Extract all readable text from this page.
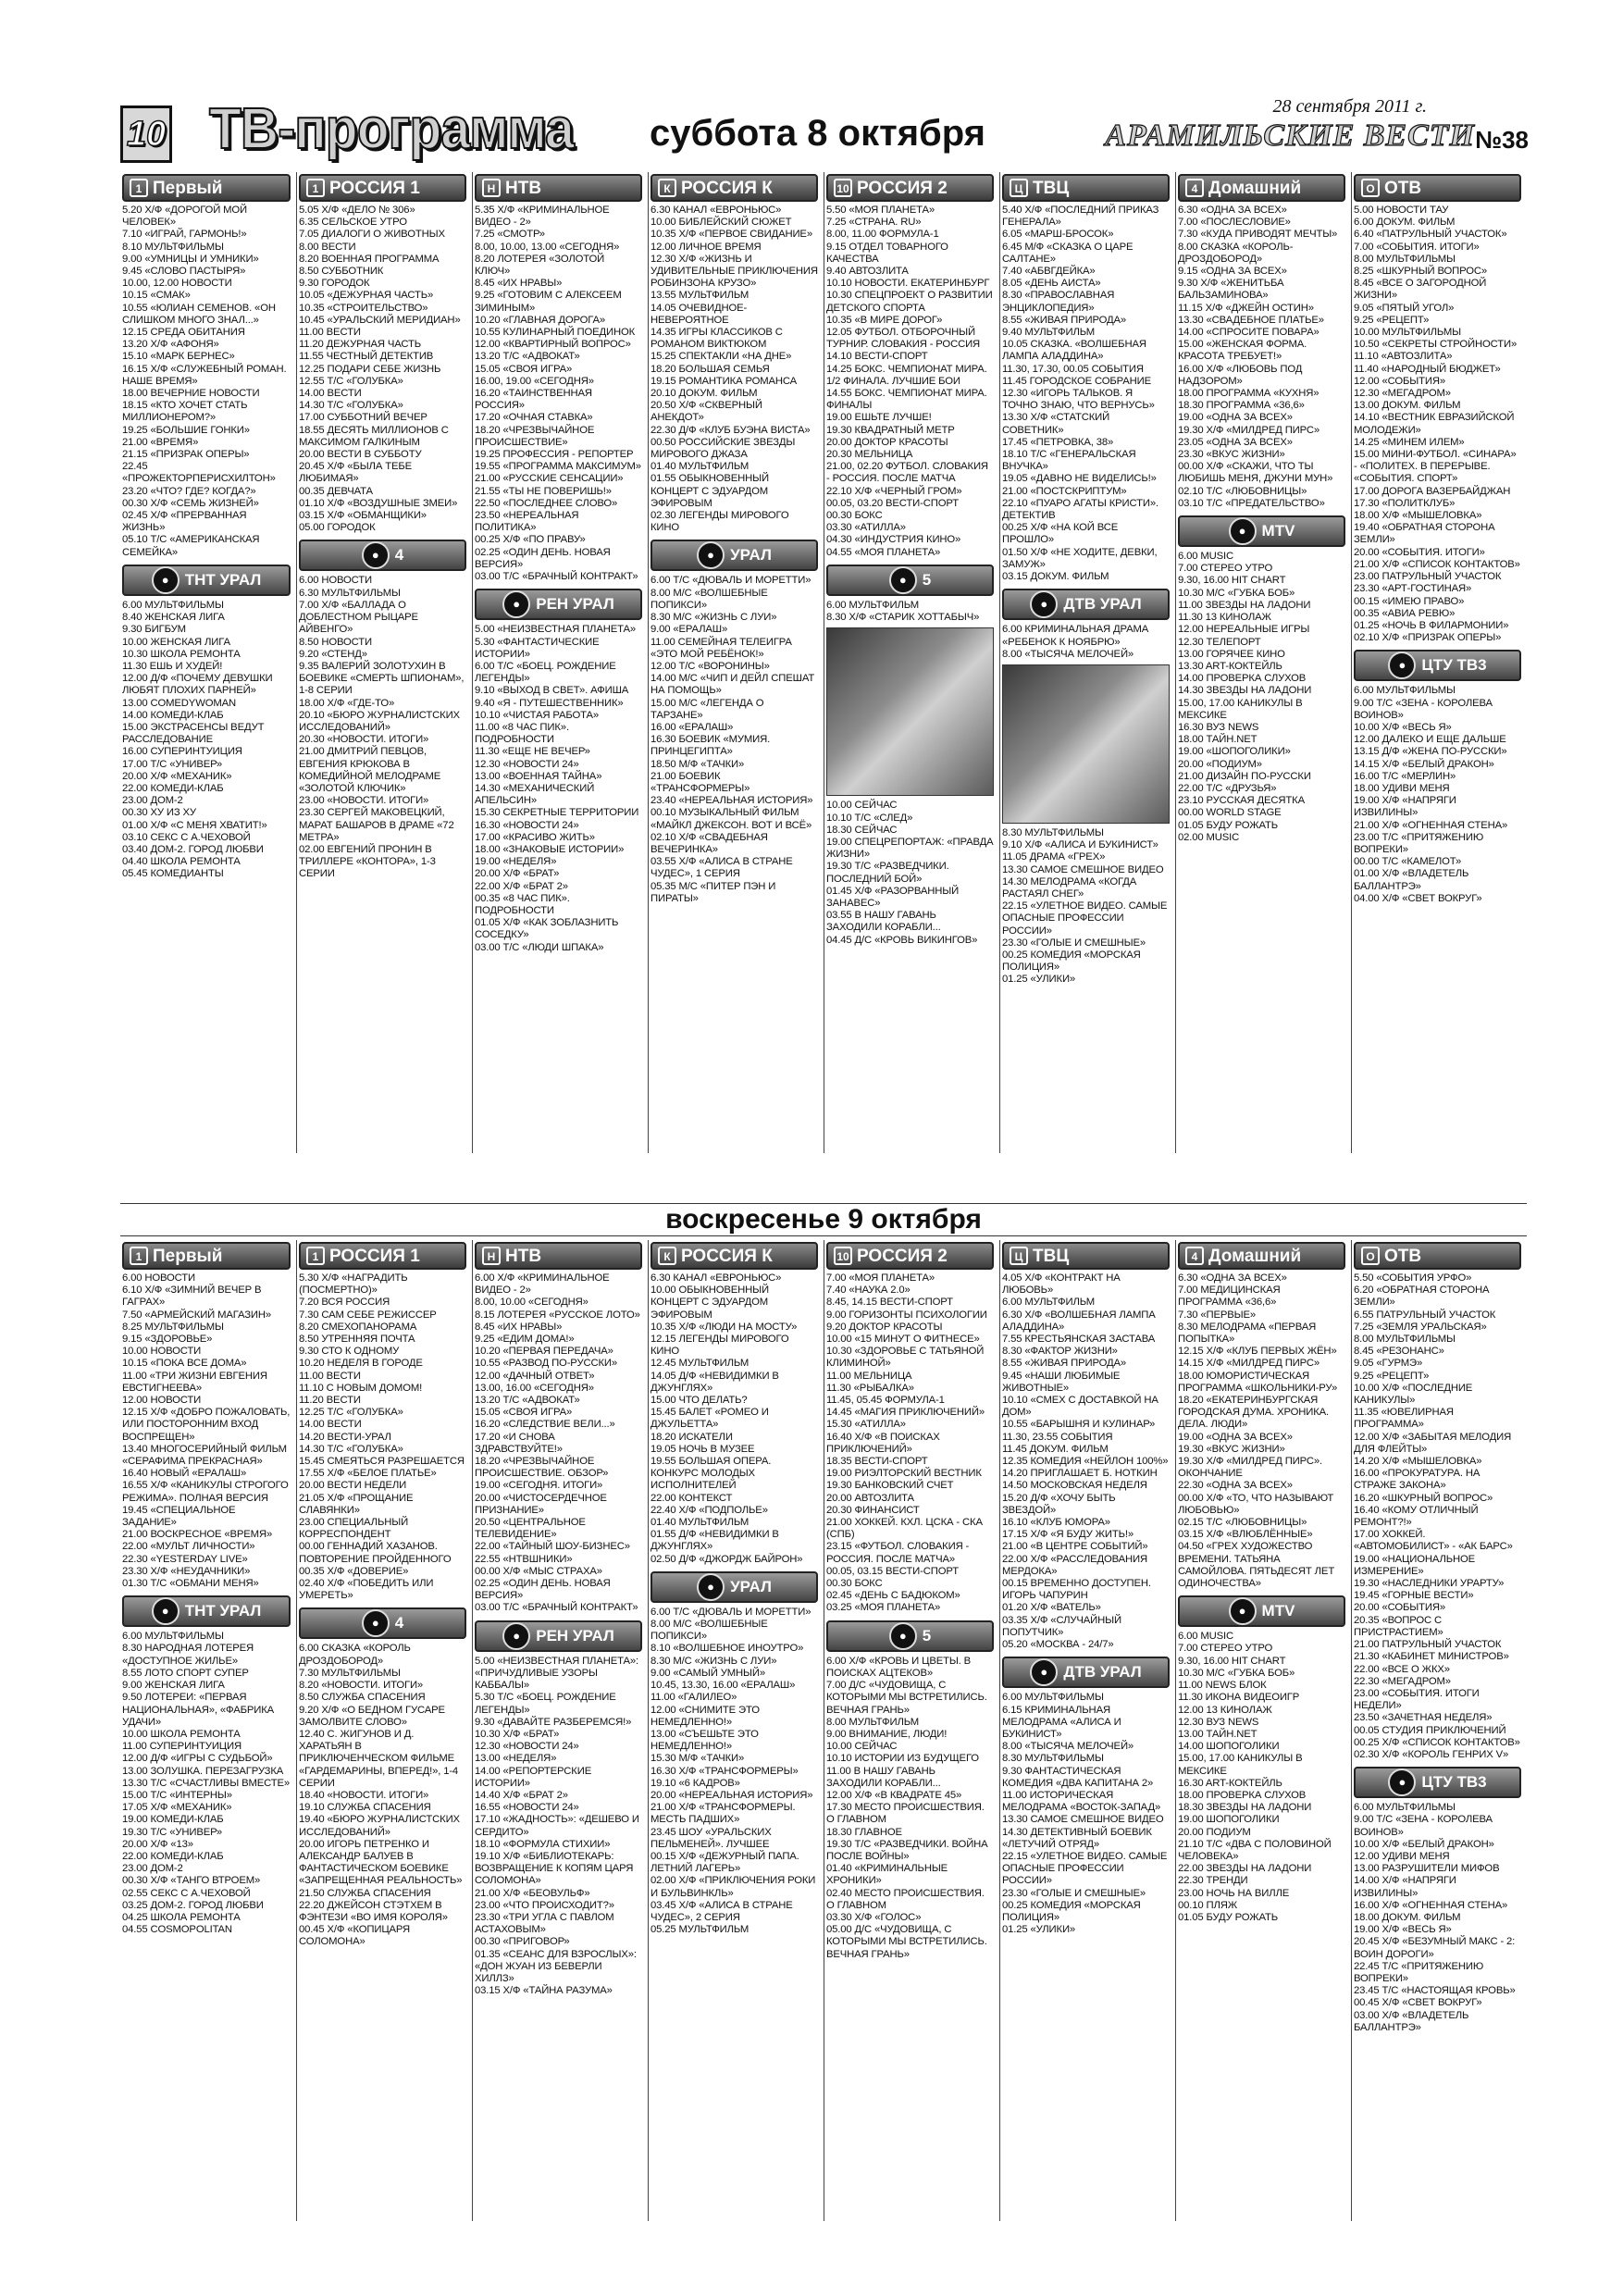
10 ТВ-программа суббота 8 октября
28 сентября 2011 г.
АРАМИЛЬСКИЕ ВЕСТИ №38
1 Первый

5.20 Х/Ф «ДОРОГОЙ МОЙ ЧЕЛОВЕК»

7.10 «ИГРАЙ, ГАРМОНЬ!»

8.10 МУЛЬТФИЛЬМЫ

9.00 «УМНИЦЫ И УМНИКИ»

9.45 «СЛОВО ПАСТЫРЯ»

10.00, 12.00 НОВОСТИ

10.15 «СМАК»

10.55 «ЮЛИАН СЕМЕНОВ. «ОН СЛИШКОМ МНОГО ЗНАЛ...»

12.15 СРЕДА ОБИТАНИЯ

13.20 Х/Ф «АФОНЯ»

15.10 «МАРК БЕРНЕС»

16.15 Х/Ф «СЛУЖЕБНЫЙ РОМАН. НАШЕ ВРЕМЯ»

18.00 ВЕЧЕРНИЕ НОВОСТИ

18.15 «КТО ХОЧЕТ СТАТЬ МИЛЛИОНЕРОМ?»

19.25 «БОЛЬШИЕ ГОНКИ»

21.00 «ВРЕМЯ»

21.15 «ПРИЗРАК ОПЕРЫ»

22.45 «ПРОЖЕКТОРПЕРИСХИЛТОН»

23.20 «ЧТО? ГДЕ? КОГДА?»

00.30 Х/Ф «СЕМЬ ЖИЗНЕЙ»

02.45 Х/Ф «ПРЕРВАННАЯ ЖИЗНЬ»

05.10 Т/С «АМЕРИКАНСКАЯ СЕМЕЙКА»

●	ТНТ УРАЛ

6.00 МУЛЬТФИЛЬМЫ

8.40 ЖЕНСКАЯ ЛИГА

9.30 БИГБУМ

10.00 ЖЕНСКАЯ ЛИГА

10.30 ШКОЛА РЕМОНТА

11.30 ЕШЬ И ХУДЕЙ!

12.00 Д/Ф «ПОЧЕМУ ДЕВУШКИ ЛЮБЯТ ПЛОХИХ ПАРНЕЙ»

13.00 COMEDYWOMAN

14.00 КОМЕДИ-КЛАБ

15.00 ЭКСТРАСЕНСЫ ВЕДУТ РАССЛЕДОВАНИЕ

16.00 СУПЕРИНТУИЦИЯ

17.00 Т/С «УНИВЕР»

20.00 Х/Ф «МЕХАНИК»

22.00 КОМЕДИ-КЛАБ

23.00 ДОМ-2

00.30 ХУ ИЗ ХУ

01.00 Х/Ф «С МЕНЯ ХВАТИТ!»

03.10 СЕКС С А.ЧЕХОВОЙ

03.40 ДОМ-2. ГОРОД ЛЮБВИ

04.40 ШКОЛА РЕМОНТА

05.45 КОМЕДИАНТЫ

1 РОССИЯ 1

5.05 Х/Ф «ДЕЛО № 306»

6.35 СЕЛЬСКОЕ УТРО

7.05 ДИАЛОГИ О ЖИВОТНЫХ

8.00 ВЕСТИ

8.20 ВОЕННАЯ ПРОГРАММА

8.50 СУББОТНИК

9.30 ГОРОДОК

10.05 «ДЕЖУРНАЯ ЧАСТЬ»

10.35 «СТРОИТЕЛЬСТВО»

10.45 «УРАЛЬСКИЙ МЕРИДИАН»

11.00 ВЕСТИ

11.20 ДЕЖУРНАЯ ЧАСТЬ

11.55 ЧЕСТНЫЙ ДЕТЕКТИВ

12.25 ПОДАРИ СЕБЕ ЖИЗНЬ

12.55 Т/С «ГОЛУБКА»

14.00 ВЕСТИ

14.30 Т/С «ГОЛУБКА»

17.00 СУББОТНИЙ ВЕЧЕР

18.55 ДЕСЯТЬ МИЛЛИОНОВ С МАКСИМОМ ГАЛКИНЫМ

20.00 ВЕСТИ В СУББОТУ

20.45 Х/Ф «БЫЛА ТЕБЕ ЛЮБИМАЯ»

00.35 ДЕВЧАТА

01.10 Х/Ф «ВОЗДУШНЫЕ ЗМЕИ»

03.15 Х/Ф «ОБМАНЩИКИ»

05.00 ГОРОДОК

●	4

6.00 НОВОСТИ

6.30 МУЛЬТФИЛЬМЫ

7.00 Х/Ф «БАЛЛАДА О ДОБЛЕСТНОМ РЫЦАРЕ АЙВЕНГО»

8.50 НОВОСТИ

9.20 «СТЕНД»

9.35 ВАЛЕРИЙ ЗОЛОТУХИН В БОЕВИКЕ «СМЕРТЬ ШПИОНАМ», 1-8 СЕРИИ

18.00 Х/Ф «ГДЕ-ТО»

20.10 «БЮРО ЖУРНАЛИСТСКИХ ИССЛЕДОВАНИЙ»

20.30 «НОВОСТИ. ИТОГИ»

21.00 ДМИТРИЙ ПЕВЦОВ, ЕВГЕНИЯ КРЮКОВА В КОМЕДИЙНОЙ МЕЛОДРАМЕ «ЗОЛОТОЙ КЛЮЧИК»

23.00 «НОВОСТИ. ИТОГИ»

23.30 СЕРГЕЙ МАКОВЕЦКИЙ, МАРАТ БАШАРОВ В ДРАМЕ «72 МЕТРА»

02.00 ЕВГЕНИЙ ПРОНИН В ТРИЛЛЕРЕ «КОНТОРА», 1-3 СЕРИИ

Н НТВ

5.35 Х/Ф «КРИМИНАЛЬНОЕ ВИДЕО - 2»

7.25 «СМОТР»

8.00, 10.00, 13.00 «СЕГОДНЯ»

8.20 ЛОТЕРЕЯ «ЗОЛОТОЙ КЛЮЧ»

8.45 «ИХ НРАВЫ»

9.25 «ГОТОВИМ С АЛЕКСЕЕМ ЗИМИНЫМ»

10.20 «ГЛАВНАЯ ДОРОГА»

10.55 КУЛИНАРНЫЙ ПОЕДИНОК

12.00 «КВАРТИРНЫЙ ВОПРОС»

13.20 Т/С «АДВОКАТ»

15.05 «СВОЯ ИГРА»

16.00, 19.00 «СЕГОДНЯ»

16.20 «ТАИНСТВЕННАЯ РОССИЯ»

17.20 «ОЧНАЯ СТАВКА»

18.20 «ЧРЕЗВЫЧАЙНОЕ ПРОИСШЕСТВИЕ»

19.25 ПРОФЕССИЯ - РЕПОРТЕР

19.55 «ПРОГРАММА МАКСИМУМ»

21.00 «РУССКИЕ СЕНСАЦИИ»

21.55 «ТЫ НЕ ПОВЕРИШЬ!»

22.50 «ПОСЛЕДНЕЕ СЛОВО»

23.50 «НЕРЕАЛЬНАЯ ПОЛИТИКА»

00.25 Х/Ф «ПО ПРАВУ»

02.25 «ОДИН ДЕНЬ. НОВАЯ ВЕРСИЯ»

03.00 Т/С «БРАЧНЫЙ КОНТРАКТ»

●	РЕН УРАЛ

5.00 «НЕИЗВЕСТНАЯ ПЛАНЕТА»

5.30 «ФАНТАСТИЧЕСКИЕ ИСТОРИИ»

6.00 Т/С «БОЕЦ. РОЖДЕНИЕ ЛЕГЕНДЫ»

9.10 «ВЫХОД В СВЕТ». АФИША

9.40 «Я - ПУТЕШЕСТВЕННИК»

10.10 «ЧИСТАЯ РАБОТА»

11.00 «8 ЧАС ПИК». ПОДРОБНОСТИ

11.30 «ЕЩЕ НЕ ВЕЧЕР»

12.30 «НОВОСТИ 24»

13.00 «ВОЕННАЯ ТАЙНА»

14.30 «МЕХАНИЧЕСКИЙ АПЕЛЬСИН»

15.30 СЕКРЕТНЫЕ ТЕРРИТОРИИ

16.30 «НОВОСТИ 24»

17.00 «КРАСИВО ЖИТЬ»

18.00 «ЗНАКОВЫЕ ИСТОРИИ»

19.00 «НЕДЕЛЯ»

20.00 Х/Ф «БРАТ»

22.00 Х/Ф «БРАТ 2»

00.35 «8 ЧАС ПИК». ПОДРОБНОСТИ

01.05 Х/Ф «КАК ЗОБЛАЗНИТЬ СОСЕДКУ»

03.00 Т/С «ЛЮДИ ШПАКА»

К РОССИЯ К

6.30 КАНАЛ «ЕВРОНЬЮС»

10.00 БИБЛЕЙСКИЙ СЮЖЕТ

10.35 Х/Ф «ПЕРВОЕ СВИДАНИЕ»

12.00 ЛИЧНОЕ ВРЕМЯ

12.30 Х/Ф «ЖИЗНЬ И УДИВИТЕЛЬНЫЕ ПРИКЛЮЧЕНИЯ РОБИНЗОНА КРУЗО»

13.55 МУЛЬТФИЛЬМ

14.05 ОЧЕВИДНОЕ-НЕВЕРОЯТНОЕ

14.35 ИГРЫ КЛАССИКОВ С РОМАНОМ ВИКТЮКОМ

15.25 СПЕКТАКЛИ «НА ДНЕ»

18.20 БОЛЬШАЯ СЕМЬЯ

19.15 РОМАНТИКА РОМАНСА

20.10 ДОКУМ. ФИЛЬМ

20.50 Х/Ф «СКВЕРНЫЙ АНЕКДОТ»

22.30 Д/Ф «КЛУБ БУЭНА ВИСТА»

00.50 РОССИЙСКИЕ ЗВЕЗДЫ МИРОВОГО ДЖАЗА

01.40 МУЛЬТФИЛЬМ

01.55 ОБЫКНОВЕННЫЙ КОНЦЕРТ С ЭДУАРДОМ ЭФИРОВЫМ

02.30 ЛЕГЕНДЫ МИРОВОГО КИНО

●	УРАЛ

6.00 Т/С «ДЮВАЛЬ И МОРЕТТИ»

8.00 М/С «ВОЛШЕБНЫЕ ПОПИКСИ»

8.30 М/С «ЖИЗНЬ С ЛУИ»

9.00 «ЕРАЛАШ»

11.00 СЕМЕЙНАЯ ТЕЛЕИГРА «ЭТО МОЙ РЕБЁНОК!»

12.00 Т/С «ВОРОНИНЫ»

14.00 М/С «ЧИП И ДЕЙЛ СПЕШАТ НА ПОМОЩЬ»

15.00 М/С «ЛЕГЕНДА О ТАРЗАНЕ»

16.00 «ЕРАЛАШ»

16.30 БОЕВИК «МУМИЯ. ПРИНЦЕГИПТА»

18.50 М/Ф «ТАЧКИ»

21.00 БОЕВИК «ТРАНСФОРМЕРЫ»

23.40 «НЕРЕАЛЬНАЯ ИСТОРИЯ»

00.10 МУЗЫКАЛЬНЫЙ ФИЛЬМ «МАЙКЛ ДЖЕКСОН. ВОТ И ВСЁ»

02.10 Х/Ф «СВАДЕБНАЯ ВЕЧЕРИНКА»

03.55 Х/Ф «АЛИСА В СТРАНЕ ЧУДЕС», 1 СЕРИЯ

05.35 М/С «ПИТЕР ПЭН И ПИРАТЫ»

10 РОССИЯ 2

5.50 «МОЯ ПЛАНЕТА»

7.25 «СТРАНА. RU»

8.00, 11.00 ФОРМУЛА-1

9.15 ОТДЕЛ ТОВАРНОГО КАЧЕСТВА

9.40 АВТОЗЛИТА

10.10 НОВОСТИ. ЕКАТЕРИНБУРГ

10.30 СПЕЦПРОЕКТ О РАЗВИТИИ ДЕТСКОГО СПОРТА

10.35 «В МИРЕ ДОРОГ»

12.05 ФУТБОЛ. ОТБОРОЧНЫЙ ТУРНИР. СЛОВАКИЯ - РОССИЯ

14.10 ВЕСТИ-СПОРТ

14.25 БОКС. ЧЕМПИОНАТ МИРА. 1/2 ФИНАЛА. ЛУЧШИЕ БОИ

14.55 БОКС. ЧЕМПИОНАТ МИРА. ФИНАЛЫ

19.00 ЕШЬТЕ ЛУЧШЕ!

19.30 КВАДРАТНЫЙ МЕТР

20.00 ДОКТОР КРАСОТЫ

20.30 МЕЛЬНИЦА

21.00, 02.20 ФУТБОЛ. СЛОВАКИЯ - РОССИЯ. ПОСЛЕ МАТЧА

22.10 Х/Ф «ЧЕРНЫЙ ГРОМ»

00.05, 03.20 ВЕСТИ-СПОРТ

00.30 БОКС

03.30 «АТИЛЛА»

04.30 «ИНДУСТРИЯ КИНО»

04.55 «МОЯ ПЛАНЕТА»

●	5

6.00 МУЛЬТФИЛЬМ

8.30 Х/Ф «СТАРИК ХОТТАБЫЧ»

10.00 СЕЙЧАС

10.10 Т/С «СЛЕД»

18.30 СЕЙЧАС

19.00 СПЕЦРЕПОРТАЖ: «ПРАВДА ЖИЗНИ»

19.30 Т/С «РАЗВЕДЧИКИ. ПОСЛЕДНИЙ БОЙ»

01.45 Х/Ф «РАЗОРВАННЫЙ ЗАНАВЕС»

03.55 В НАШУ ГАВАНЬ ЗАХОДИЛИ КОРАБЛИ...

04.45 Д/С «КРОВЬ ВИКИНГОВ»

Ц ТВЦ

5.40 Х/Ф «ПОСЛЕДНИЙ ПРИКАЗ ГЕНЕРАЛА»

6.05 «МАРШ-БРОСОК»

6.45 М/Ф «СКАЗКА О ЦАРЕ САЛТАНЕ»

7.40 «АБВГДЕЙКА»

8.05 «ДЕНЬ АИСТА»

8.30 «ПРАВОСЛАВНАЯ ЭНЦИКЛОПЕДИЯ»

8.55 «ЖИВАЯ ПРИРОДА»

9.40 МУЛЬТФИЛЬМ

10.05 СКАЗКА. «ВОЛШЕБНАЯ ЛАМПА АЛАДДИНА»

11.30, 17.30, 00.05 СОБЫТИЯ

11.45 ГОРОДСКОЕ СОБРАНИЕ

12.30 «ИГОРЬ ТАЛЬКОВ. Я ТОЧНО ЗНАЮ, ЧТО ВЕРНУСЬ»

13.30 Х/Ф «СТАТСКИЙ СОВЕТНИК»

17.45 «ПЕТРОВКА, 38»

18.10 Т/С «ГЕНЕРАЛЬСКАЯ ВНУЧКА»

19.05 «ДАВНО НЕ ВИДЕЛИСЬ!»

21.00 «ПОСТСКРИПТУМ»

22.10 «ПУАРО АГАТЫ КРИСТИ». ДЕТЕКТИВ

00.25 Х/Ф «НА КОЙ ВСЕ ПРОШЛО»

01.50 Х/Ф «НЕ ХОДИТЕ, ДЕВКИ, ЗАМУЖ»

03.15 ДОКУМ. ФИЛЬМ

●	ДТВ УРАЛ

6.00 КРИМИНАЛЬНАЯ ДРАМА «РЕБЕНОК К НОЯБРЮ»

8.00 «ТЫСЯЧА МЕЛОЧЕЙ»

8.30 МУЛЬТФИЛЬМЫ

9.10 Х/Ф «АЛИСА И БУКИНИСТ»

11.05 ДРАМА «ГРЕХ»

13.30 САМОЕ СМЕШНОЕ ВИДЕО

14.30 МЕЛОДРАМА «КОГДА РАСТАЯЛ СНЕГ»

22.15 «УЛЕТНОЕ ВИДЕО. САМЫЕ ОПАСНЫЕ ПРОФЕССИИ РОССИИ»

23.30 «ГОЛЫЕ И СМЕШНЫЕ»

00.25 КОМЕДИЯ «МОРСКАЯ ПОЛИЦИЯ»

01.25 «УЛИКИ»

4 Домашний

6.30 «ОДНА ЗА ВСЕХ»

7.00 «ПОСЛЕСЛОВИЕ»

7.30 «КУДА ПРИВОДЯТ МЕЧТЫ»

8.00 СКАЗКА «КОРОЛЬ-ДРОЗДОБОРОД»

9.15 «ОДНА ЗА ВСЕХ»

9.30 Х/Ф «ЖЕНИТЬБА БАЛЬЗАМИНОВА»

11.15 Х/Ф «ДЖЕЙН ОСТИН»

13.30 «СВАДЕБНОЕ ПЛАТЬЕ»

14.00 «СПРОСИТЕ ПОВАРА»

15.00 «ЖЕНСКАЯ ФОРМА. КРАСОТА ТРЕБУЕТ!»

16.00 Х/Ф «ЛЮБОВЬ ПОД НАДЗОРОМ»

18.00 ПРОГРАММА «КУХНЯ»

18.30 ПРОГРАММА «36,6»

19.00 «ОДНА ЗА ВСЕХ»

19.30 Х/Ф «МИЛДРЕД ПИРС»

23.05 «ОДНА ЗА ВСЕХ»

23.30 «ВКУС ЖИЗНИ»

00.00 Х/Ф «СКАЖИ, ЧТО ТЫ ЛЮБИШЬ МЕНЯ, ДЖУНИ МУН»

02.10 Т/С «ЛЮБОВНИЦЫ»

03.10 Т/С «ПРЕДАТЕЛЬСТВО»

●	MTV

6.00 MUSIC

7.00 СТЕРЕО УТРО

9.30, 16.00 HIT CHART

10.30 М/С «ГУБКА БОБ»

11.00 ЗВЕЗДЫ НА ЛАДОНИ

11.30 13 КИНОЛАЖ

12.00 НЕРЕАЛЬНЫЕ ИГРЫ

12.30 ТЕЛЕПОРТ

13.00 ГОРЯЧЕЕ КИНО

13.30 ART-КОКТЕЙЛЬ

14.00 ПРОВЕРКА СЛУХОВ

14.30 ЗВЕЗДЫ НА ЛАДОНИ

15.00, 17.00 КАНИКУЛЫ В МЕКСИКЕ

16.30 ВУЗ NEWS

18.00 ТАЙН.NET

19.00 «ШОПОГОЛИКИ»

20.00 «ПОДИУМ»

21.00 ДИЗАЙН ПО-РУССКИ

22.00 Т/С «ДРУЗЬЯ»

23.10 РУССКАЯ ДЕСЯТКА

00.00 WORLD STAGE

01.05 БУДУ РОЖАТЬ

02.00 MUSIC

О ОТВ

5.00 НОВОСТИ ТАУ

6.00 ДОКУМ. ФИЛЬМ

6.40 «ПАТРУЛЬНЫЙ УЧАСТОК»

7.00 «СОБЫТИЯ. ИТОГИ»

8.00 МУЛЬТФИЛЬМЫ

8.25 «ШКУРНЫЙ ВОПРОС»

8.45 «ВСЕ О ЗАГОРОДНОЙ ЖИЗНИ»

9.05 «ПЯТЫЙ УГОЛ»

9.25 «РЕЦЕПТ»

10.00 МУЛЬТФИЛЬМЫ

10.50 «СЕКРЕТЫ СТРОЙНОСТИ»

11.10 «АВТОЗЛИТА»

11.40 «НАРОДНЫЙ БЮДЖЕТ»

12.00 «СОБЫТИЯ»

12.30 «МЕГАДРОМ»

13.00 ДОКУМ. ФИЛЬМ

14.10 «ВЕСТНИК ЕВРАЗИЙСКОЙ МОЛОДЕЖИ»

14.25 «МИНЕМ ИЛЕМ»

15.00 МИНИ-ФУТБОЛ. «СИНАРА» - «ПОЛИТЕХ. В ПЕРЕРЫВЕ. «СОБЫТИЯ. СПОРТ»

17.00 ДОРОГА ВАЗЕРБАЙДЖАН

17.30 «ПОЛИТКЛУБ»

18.00 Х/Ф «МЫШЕЛОВКА»

19.40 «ОБРАТНАЯ СТОРОНА ЗЕМЛИ»

20.00 «СОБЫТИЯ. ИТОГИ»

21.00 Х/Ф «СПИСОК КОНТАКТОВ»

23.00 ПАТРУЛЬНЫЙ УЧАСТОК

23.30 «АРТ-ГОСТИНАЯ»

00.15 «ИМЕЮ ПРАВО»

00.35 «АВИА РЕВЮ»

01.25 «НОЧЬ В ФИЛАРМОНИИ»

02.10 Х/Ф «ПРИЗРАК ОПЕРЫ»

●	ЦТУ ТВ3

6.00 МУЛЬТФИЛЬМЫ

9.00 Т/С «ЗЕНА - КОРОЛЕВА ВОИНОВ»

10.00 Х/Ф «ВЕСЬ Я»

12.00 ДАЛЕКО И ЕЩЕ ДАЛЬШЕ

13.15 Д/Ф «ЖЕНА ПО-РУССКИ»

14.15 Х/Ф «БЕЛЫЙ ДРАКОН»

16.00 Т/С «МЕРЛИН»

18.00 УДИВИ МЕНЯ

19.00 Х/Ф «НАПРЯГИ ИЗВИЛИНЫ»

21.00 Х/Ф «ОГНЕННАЯ СТЕНА»

23.00 Т/С «ПРИТЯЖЕНИЮ ВОПРЕКИ»

00.00 Т/С «КАМЕЛОТ»

01.00 Х/Ф «ВЛАДЕТЕЛЬ БАЛЛАНТРЭ»

04.00 Х/Ф «СВЕТ ВОКРУГ»

воскресенье 9 октября
1 Первый

6.00 НОВОСТИ

6.10 Х/Ф «ЗИМНИЙ ВЕЧЕР В ГАГРАХ»

7.50 «АРМЕЙСКИЙ МАГАЗИН»

8.25 МУЛЬТФИЛЬМЫ

9.15 «ЗДОРОВЬЕ»

10.00 НОВОСТИ

10.15 «ПОКА ВСЕ ДОМА»

11.00 «ТРИ ЖИЗНИ ЕВГЕНИЯ ЕВСТИГНЕЕВА»

12.00 НОВОСТИ

12.15 Х/Ф «ДОБРО ПОЖАЛОВАТЬ, ИЛИ ПОСТОРОННИМ ВХОД ВОСПРЕЩЕН»

13.40 МНОГОСЕРИЙНЫЙ ФИЛЬМ «СЕРАФИМА ПРЕКРАСНАЯ»

16.40 НОВЫЙ «ЕРАЛАШ»

16.55 Х/Ф «КАНИКУЛЫ СТРОГОГО РЕЖИМА». ПОЛНАЯ ВЕРСИЯ

19.45 «СПЕЦИАЛЬНОЕ ЗАДАНИЕ»

21.00 ВОСКРЕСНОЕ «ВРЕМЯ»

22.00 «МУЛЬТ ЛИЧНОСТИ»

22.30 «YESTERDAY LIVE»

23.30 Х/Ф «НЕУДАЧНИКИ»

01.30 Т/С «ОБМАНИ МЕНЯ»

●	ТНТ УРАЛ

6.00 МУЛЬТФИЛЬМЫ

8.30 НАРОДНАЯ ЛОТЕРЕЯ «ДОСТУПНОЕ ЖИЛЬЕ»

8.55 ЛОТО СПОРТ СУПЕР

9.00 ЖЕНСКАЯ ЛИГА

9.50 ЛОТЕРЕИ: «ПЕРВАЯ НАЦИОНАЛЬНАЯ», «ФАБРИКА УДАЧИ»

10.00 ШКОЛА РЕМОНТА

11.00 СУПЕРИНТУИЦИЯ

12.00 Д/Ф «ИГРЫ С СУДЬБОЙ»

13.00 ЗОЛУШКА. ПЕРЕЗАГРУЗКА

13.30 Т/С «СЧАСТЛИВЫ ВМЕСТЕ»

15.00 Т/С «ИНТЕРНЫ»

17.05 Х/Ф «МЕХАНИК»

19.00 КОМЕДИ-КЛАБ

19.30 Т/С «УНИВЕР»

20.00 Х/Ф «13»

22.00 КОМЕДИ-КЛАБ

23.00 ДОМ-2

00.30 Х/Ф «ТАНГО ВТРОЕМ»

02.55 СЕКС С А.ЧЕХОВОЙ

03.25 ДОМ-2. ГОРОД ЛЮБВИ

04.25 ШКОЛА РЕМОНТА

04.55 COSMOPOLITAN

1 РОССИЯ 1

5.30 Х/Ф «НАГРАДИТЬ (ПОСМЕРТНО)»

7.20 ВСЯ РОССИЯ

7.30 САМ СЕБЕ РЕЖИССЕР

8.20 СМЕХОПАНОРАМА

8.50 УТРЕННЯЯ ПОЧТА

9.30 СТО К ОДНОМУ

10.20 НЕДЕЛЯ В ГОРОДЕ

11.00 ВЕСТИ

11.10 С НОВЫМ ДОМОМ!

11.20 ВЕСТИ

12.25 Т/С «ГОЛУБКА»

14.00 ВЕСТИ

14.20 ВЕСТИ-УРАЛ

14.30 Т/С «ГОЛУБКА»

15.45 СМЕЯТЬСЯ РАЗРЕШАЕТСЯ

17.55 Х/Ф «БЕЛОЕ ПЛАТЬЕ»

20.00 ВЕСТИ НЕДЕЛИ

21.05 Х/Ф «ПРОЩАНИЕ СЛАВЯНКИ»

23.00 СПЕЦИАЛЬНЫЙ КОРРЕСПОНДЕНТ

00.00 ГЕННАДИЙ ХАЗАНОВ. ПОВТОРЕНИЕ ПРОЙДЕННОГО

00.35 Х/Ф «ДОВЕРИЕ»

02.40 Х/Ф «ПОБЕДИТЬ ИЛИ УМЕРЕТЬ»

●	4

6.00 СКАЗКА «КОРОЛЬ ДРОЗДОБОРОД»

7.30 МУЛЬТФИЛЬМЫ

8.20 «НОВОСТИ. ИТОГИ»

8.50 СЛУЖБА СПАСЕНИЯ

9.20 Х/Ф «О БЕДНОМ ГУСАРЕ ЗАМОЛВИТЕ СЛОВО»

12.40 С. ЖИГУНОВ И Д. ХАРАТЬЯН В ПРИКЛЮЧЕНЧЕСКОМ ФИЛЬМЕ «ГАРДЕМАРИНЫ, ВПЕРЕД!», 1-4 СЕРИИ

18.40 «НОВОСТИ. ИТОГИ»

19.10 СЛУЖБА СПАСЕНИЯ

19.40 «БЮРО ЖУРНАЛИСТСКИХ ИССЛЕДОВАНИЙ»

20.00 ИГОРЬ ПЕТРЕНКО И АЛЕКСАНДР БАЛУЕВ В ФАНТАСТИЧЕСКОМ БОЕВИКЕ «ЗАПРЕЩЕННАЯ РЕАЛЬНОСТЬ»

21.50 СЛУЖБА СПАСЕНИЯ

22.20 ДЖЕЙСОН СТЭТХЕМ В ФЭНТЕЗИ «ВО ИМЯ КОРОЛЯ»

00.45 Х/Ф «КОПИЦАРЯ СОЛОМОНА»

Н НТВ

6.00 Х/Ф «КРИМИНАЛЬНОЕ ВИДЕО - 2»

8.00, 10.00 «СЕГОДНЯ»

8.15 ЛОТЕРЕЯ «РУССКОЕ ЛОТО»

8.45 «ИХ НРАВЫ»

9.25 «ЕДИМ ДОМА!»

10.20 «ПЕРВАЯ ПЕРЕДАЧА»

10.55 «РАЗВОД ПО-РУССКИ»

12.00 «ДАЧНЫЙ ОТВЕТ»

13.00, 16.00 «СЕГОДНЯ»

13.20 Т/С «АДВОКАТ»

15.05 «СВОЯ ИГРА»

16.20 «СЛЕДСТВИЕ ВЕЛИ...»

17.20 «И СНОВА ЗДРАВСТВУЙТЕ!»

18.20 «ЧРЕЗВЫЧАЙНОЕ ПРОИСШЕСТВИЕ. ОБЗОР»

19.00 «СЕГОДНЯ. ИТОГИ»

20.00 «ЧИСТОСЕРДЕЧНОЕ ПРИЗНАНИЕ»

20.50 «ЦЕНТРАЛЬНОЕ ТЕЛЕВИДЕНИЕ»

22.00 «ТАЙНЫЙ ШОУ-БИЗНЕС»

22.55 «НТВШНИКИ»

00.00 Х/Ф «МЫС СТРАХА»

02.25 «ОДИН ДЕНЬ. НОВАЯ ВЕРСИЯ»

03.00 Т/С «БРАЧНЫЙ КОНТРАКТ»

●	РЕН УРАЛ

5.00 «НЕИЗВЕСТНАЯ ПЛАНЕТА»: «ПРИЧУДЛИВЫЕ УЗОРЫ КАББАЛЫ»

5.30 Т/С «БОЕЦ. РОЖДЕНИЕ ЛЕГЕНДЫ»

9.30 «ДАВАЙТЕ РАЗБЕРЕМСЯ!»

10.30 Х/Ф «БРАТ»

12.30 «НОВОСТИ 24»

13.00 «НЕДЕЛЯ»

14.00 «РЕПОРТЕРСКИЕ ИСТОРИИ»

14.40 Х/Ф «БРАТ 2»

16.55 «НОВОСТИ 24»

17.10 «ЖАДНОСТЬ»: «ДЕШЕВО И СЕРДИТО»

18.10 «ФОРМУЛА СТИХИИ»

19.10 Х/Ф «БИБЛИОТЕКАРЬ: ВОЗВРАЩЕНИЕ К КОПЯМ ЦАРЯ СОЛОМОНА»

21.00 Х/Ф «БЕОВУЛЬФ»

23.00 «ЧТО ПРОИСХОДИТ?»

23.30 «ТРИ УГЛА С ПАВЛОМ АСТАХОВЫМ»

00.30 «ПРИГОВОР»

01.35 «СЕАНС ДЛЯ ВЗРОСЛЫХ»: «ДОН ЖУАН ИЗ БЕВЕРЛИ ХИЛЛЗ»

03.15 Х/Ф «ТАЙНА РАЗУМА»

К РОССИЯ К

6.30 КАНАЛ «ЕВРОНЬЮС»

10.00 ОБЫКНОВЕННЫЙ КОНЦЕРТ С ЭДУАРДОМ ЭФИРОВЫМ

10.35 Х/Ф «ЛЮДИ НА МОСТУ»

12.15 ЛЕГЕНДЫ МИРОВОГО КИНО

12.45 МУЛЬТФИЛЬМ

14.05 Д/Ф «НЕВИДИМКИ В ДЖУНГЛЯХ»

15.00 ЧТО ДЕЛАТЬ?

15.45 БАЛЕТ «РОМЕО И ДЖУЛЬЕТТА»

18.20 ИСКАТЕЛИ

19.05 НОЧЬ В МУЗЕЕ

19.55 БОЛЬШАЯ ОПЕРА. КОНКУРС МОЛОДЫХ ИСПОЛНИТЕЛЕЙ

22.00 КОНТЕКСТ

22.40 Х/Ф «ПОДПОЛЬЕ»

01.40 МУЛЬТФИЛЬМ

01.55 Д/Ф «НЕВИДИМКИ В ДЖУНГЛЯХ»

02.50 Д/Ф «ДЖОРДЖ БАЙРОН»

●	УРАЛ

6.00 Т/С «ДЮВАЛЬ И МОРЕТТИ»

8.00 М/С «ВОЛШЕБНЫЕ ПОПИКСИ»

8.10 «ВОЛШЕБНОЕ ИНОУТРО»

8.30 М/С «ЖИЗНЬ С ЛУИ»

9.00 «САМЫЙ УМНЫЙ»

10.45, 13.30, 16.00 «ЕРАЛАШ»

11.00 «ГАЛИЛЕО»

12.00 «СНИМИТЕ ЭТО НЕМЕДЛЕННО!»

13.00 «СЪЕШЬТЕ ЭТО НЕМЕДЛЕННО!»

15.30 М/Ф «ТАЧКИ»

16.30 Х/Ф «ТРАНСФОРМЕРЫ»

19.10 «6 КАДРОВ»

20.00 «НЕРЕАЛЬНАЯ ИСТОРИЯ»

21.00 Х/Ф «ТРАНСФОРМЕРЫ. МЕСТЬ ПАДШИХ»

23.45 ШОУ «УРАЛЬСКИХ ПЕЛЬМЕНЕЙ». ЛУЧШЕЕ

00.15 Х/Ф «ДЕЖУРНЫЙ ПАПА. ЛЕТНИЙ ЛАГЕРЬ»

02.00 Х/Ф «ПРИКЛЮЧЕНИЯ РОКИ И БУЛЬВИНКЛЬ»

03.45 Х/Ф «АЛИСА В СТРАНЕ ЧУДЕС», 2 СЕРИЯ

05.25 МУЛЬТФИЛЬМ

10 РОССИЯ 2

7.00 «МОЯ ПЛАНЕТА»

7.40 «НАУКА 2.0»

8.45, 14.15 ВЕСТИ-СПОРТ

9.00 ГОРИЗОНТЫ ПСИХОЛОГИИ

9.20 ДОКТОР КРАСОТЫ

10.00 «15 МИНУТ О ФИТНЕСЕ»

10.30 «ЗДОРОВЬЕ С ТАТЬЯНОЙ КЛИМИНОЙ»

11.00 МЕЛЬНИЦА

11.30 «РЫБАЛКА»

11.45, 05.45 ФОРМУЛА-1

14.45 «МАГИЯ ПРИКЛЮЧЕНИЙ»

15.30 «АТИЛЛА»

16.40 Х/Ф «В ПОИСКАХ ПРИКЛЮЧЕНИЙ»

18.35 ВЕСТИ-СПОРТ

19.00 РИЭЛТОРСКИЙ ВЕСТНИК

19.30 БАНКОВСКИЙ СЧЕТ

20.00 АВТОЗЛИТА

20.30 ФИНАНСИСТ

21.00 ХОККЕЙ. КХЛ. ЦСКА - СКА (СПБ)

23.15 «ФУТБОЛ. СЛОВАКИЯ - РОССИЯ. ПОСЛЕ МАТЧА»

00.05, 03.15 ВЕСТИ-СПОРТ

00.30 БОКС

02.45 «ДЕНЬ С БАДЮКОМ»

03.25 «МОЯ ПЛАНЕТА»

●	5

6.00 Х/Ф «КРОВЬ И ЦВЕТЫ. В ПОИСКАХ АЦТЕКОВ»

7.00 Д/С «ЧУДОВИЩА, С КОТОРЫМИ МЫ ВСТРЕТИЛИСЬ. ВЕЧНАЯ ГРАНЬ»

8.00 МУЛЬТФИЛЬМ

9.00 ВНИМАНИЕ, ЛЮДИ!

10.00 СЕЙЧАС

10.10 ИСТОРИИ ИЗ БУДУЩЕГО

11.00 В НАШУ ГАВАНЬ ЗАХОДИЛИ КОРАБЛИ...

12.00 Х/Ф «В КВАДРАТЕ 45»

17.30 МЕСТО ПРОИСШЕСТВИЯ. О ГЛАВНОМ

18.30 ГЛАВНОЕ

19.30 Т/С «РАЗВЕДЧИКИ. ВОЙНА ПОСЛЕ ВОЙНЫ»

01.40 «КРИМИНАЛЬНЫЕ ХРОНИКИ»

02.40 МЕСТО ПРОИСШЕСТВИЯ. О ГЛАВНОМ

03.30 Х/Ф «ГОЛОС»

05.00 Д/С «ЧУДОВИЩА, С КОТОРЫМИ МЫ ВСТРЕТИЛИСЬ. ВЕЧНАЯ ГРАНЬ»

Ц ТВЦ

4.05 Х/Ф «КОНТРАКТ НА ЛЮБОВЬ»

6.00 МУЛЬТФИЛЬМ

6.30 Х/Ф «ВОЛШЕБНАЯ ЛАМПА АЛАДДИНА»

7.55 КРЕСТЬЯНСКАЯ ЗАСТАВА

8.30 «ФАКТОР ЖИЗНИ»

8.55 «ЖИВАЯ ПРИРОДА»

9.45 «НАШИ ЛЮБИМЫЕ ЖИВОТНЫЕ»

10.10 «СМЕХ С ДОСТАВКОЙ НА ДОМ»

10.55 «БАРЫШНЯ И КУЛИНАР»

11.30, 23.55 СОБЫТИЯ

11.45 ДОКУМ. ФИЛЬМ

12.35 КОМЕДИЯ «НЕЙЛОН 100%»

14.20 ПРИГЛАШАЕТ Б. НОТКИН

14.50 МОСКОВСКАЯ НЕДЕЛЯ

15.20 Д/Ф «ХОЧУ БЫТЬ ЗВЕЗДОЙ»

16.10 «КЛУБ ЮМОРА»

17.15 Х/Ф «Я БУДУ ЖИТЬ!»

21.00 «В ЦЕНТРЕ СОБЫТИЙ»

22.00 Х/Ф «РАССЛЕДОВАНИЯ МЕРДОКА»

00.15 ВРЕМЕННО ДОСТУПЕН. ИГОРЬ ЧАПУРИН

01.20 Х/Ф «ВАТЕЛЬ»

03.35 Х/Ф «СЛУЧАЙНЫЙ ПОПУТЧИК»

05.20 «МОСКВА - 24/7»

●	ДТВ УРАЛ

6.00 МУЛЬТФИЛЬМЫ

6.15 КРИМИНАЛЬНАЯ МЕЛОДРАМА «АЛИСА И БУКИНИСТ»

8.00 «ТЫСЯЧА МЕЛОЧЕЙ»

8.30 МУЛЬТФИЛЬМЫ

9.30 ФАНТАСТИЧЕСКАЯ КОМЕДИЯ «ДВА КАПИТАНА 2»

11.00 ИСТОРИЧЕСКАЯ МЕЛОДРАМА «ВОСТОК-ЗАПАД»

13.30 САМОЕ СМЕШНОЕ ВИДЕО

14.30 ДЕТЕКТИВНЫЙ БОЕВИК «ЛЕТУЧИЙ ОТРЯД»

22.15 «УЛЕТНОЕ ВИДЕО. САМЫЕ ОПАСНЫЕ ПРОФЕССИИ РОССИИ»

23.30 «ГОЛЫЕ И СМЕШНЫЕ»

00.25 КОМЕДИЯ «МОРСКАЯ ПОЛИЦИЯ»

01.25 «УЛИКИ»

4 Домашний

6.30 «ОДНА ЗА ВСЕХ»

7.00 МЕДИЦИНСКАЯ ПРОГРАММА «36,6»

7.30 «ПЕРВЫЕ»

8.30 МЕЛОДРАМА «ПЕРВАЯ ПОПЫТКА»

12.15 Х/Ф «КЛУБ ПЕРВЫХ ЖЁН»

14.15 Х/Ф «МИЛДРЕД ПИРС»

18.00 ЮМОРИСТИЧЕСКАЯ ПРОГРАММА «ШКОЛЬНИКИ-РУ»

18.20 «ЕКАТЕРИНБУРГСКАЯ ГОРОДСКАЯ ДУМА. ХРОНИКА. ДЕЛА. ЛЮДИ»

19.00 «ОДНА ЗА ВСЕХ»

19.30 «ВКУС ЖИЗНИ»

19.30 Х/Ф «МИЛДРЕД ПИРС». ОКОНЧАНИЕ

22.30 «ОДНА ЗА ВСЕХ»

00.00 Х/Ф «ТО, ЧТО НАЗЫВАЮТ ЛЮБОВЬЮ»

02.15 Т/С «ЛЮБОВНИЦЫ»

03.15 Х/Ф «ВЛЮБЛЁННЫЕ»

04.50 «ГРЕХ ХУДОЖЕСТВО ВРЕМЕНИ. ТАТЬЯНА САМОЙЛОВА. ПЯТЬДЕСЯТ ЛЕТ ОДИНОЧЕСТВА»

●	MTV

6.00 MUSIC

7.00 СТЕРЕО УТРО

9.30, 16.00 HIT CHART

10.30 М/С «ГУБКА БОБ»

11.00 NEWS БЛОК

11.30 ИКОНА ВИДЕОИГР

12.00 13 КИНОЛАЖ

12.30 ВУЗ NEWS

13.00 ТАЙН.NET

14.00 ШОПОГОЛИКИ

15.00, 17.00 КАНИКУЛЫ В МЕКСИКЕ

16.30 ART-КОКТЕЙЛЬ

18.00 ПРОВЕРКА СЛУХОВ

18.30 ЗВЕЗДЫ НА ЛАДОНИ

19.00 ШОПОГОЛИКИ

20.00 ПОДИУМ

21.10 Т/С «ДВА С ПОЛОВИНОЙ ЧЕЛОВЕКА»

22.00 ЗВЕЗДЫ НА ЛАДОНИ

22.30 ТРЕНДИ

23.00 НОЧЬ НА ВИЛЛЕ

00.10 ПЛЯЖ

01.05 БУДУ РОЖАТЬ

О ОТВ

5.50 «СОБЫТИЯ УРФО»

6.20 «ОБРАТНАЯ СТОРОНА ЗЕМЛИ»

6.55 ПАТРУЛЬНЫЙ УЧАСТОК

7.25 «ЗЕМЛЯ УРАЛЬСКАЯ»

8.00 МУЛЬТФИЛЬМЫ

8.45 «РЕЗОНАНС»

9.05 «ГУРМЭ»

9.25 «РЕЦЕПТ»

10.00 Х/Ф «ПОСЛЕДНИЕ КАНИКУЛЫ»

11.35 «ЮВЕЛИРНАЯ ПРОГРАММА»

12.00 Х/Ф «ЗАБЫТАЯ МЕЛОДИЯ ДЛЯ ФЛЕЙТЫ»

14.20 Х/Ф «МЫШЕЛОВКА»

16.00 «ПРОКУРАТУРА. НА СТРАЖЕ ЗАКОНА»

16.20 «ШКУРНЫЙ ВОПРОС»

16.40 «КОМУ ОТЛИЧНЫЙ РЕМОНТ?!»

17.00 ХОККЕЙ. «АВТОМОБИЛИСТ» - «АК БАРС»

19.00 «НАЦИОНАЛЬНОЕ ИЗМЕРЕНИЕ»

19.30 «НАСЛЕДНИКИ УРАРТУ»

19.45 «ГОРНЫЕ ВЕСТИ»

20.00 «СОБЫТИЯ»

20.35 «ВОПРОС С ПРИСТРАСТИЕМ»

21.00 ПАТРУЛЬНЫЙ УЧАСТОК

21.30 «КАБИНЕТ МИНИСТРОВ»

22.00 «ВСЕ О ЖКХ»

22.30 «МЕГАДРОМ»

23.00 «СОБЫТИЯ. ИТОГИ НЕДЕЛИ»

23.50 «ЗАЧЕТНАЯ НЕДЕЛЯ»

00.05 СТУДИЯ ПРИКЛЮЧЕНИЙ

00.25 Х/Ф «СПИСОК КОНТАКТОВ»

02.30 Х/Ф «КОРОЛЬ ГЕНРИХ V»

●	ЦТУ ТВ3

6.00 МУЛЬТФИЛЬМЫ

9.00 Т/С «ЗЕНА - КОРОЛЕВА ВОИНОВ»

10.00 Х/Ф «БЕЛЫЙ ДРАКОН»

12.00 УДИВИ МЕНЯ

13.00 РАЗРУШИТЕЛИ МИФОВ

14.00 Х/Ф «НАПРЯГИ ИЗВИЛИНЫ»

16.00 Х/Ф «ОГНЕННАЯ СТЕНА»

18.00 ДОКУМ. ФИЛЬМ

19.00 Х/Ф «ВЕСЬ Я»

20.45 Х/Ф «БЕЗУМНЫЙ МАКС - 2: ВОИН ДОРОГИ»

22.45 Т/С «ПРИТЯЖЕНИЮ ВОПРЕКИ»

23.45 Т/С «НАСТОЯЩАЯ КРОВЬ»

00.45 Х/Ф «СВЕТ ВОКРУГ»

03.00 Х/Ф «ВЛАДЕТЕЛЬ БАЛЛАНТРЭ»
